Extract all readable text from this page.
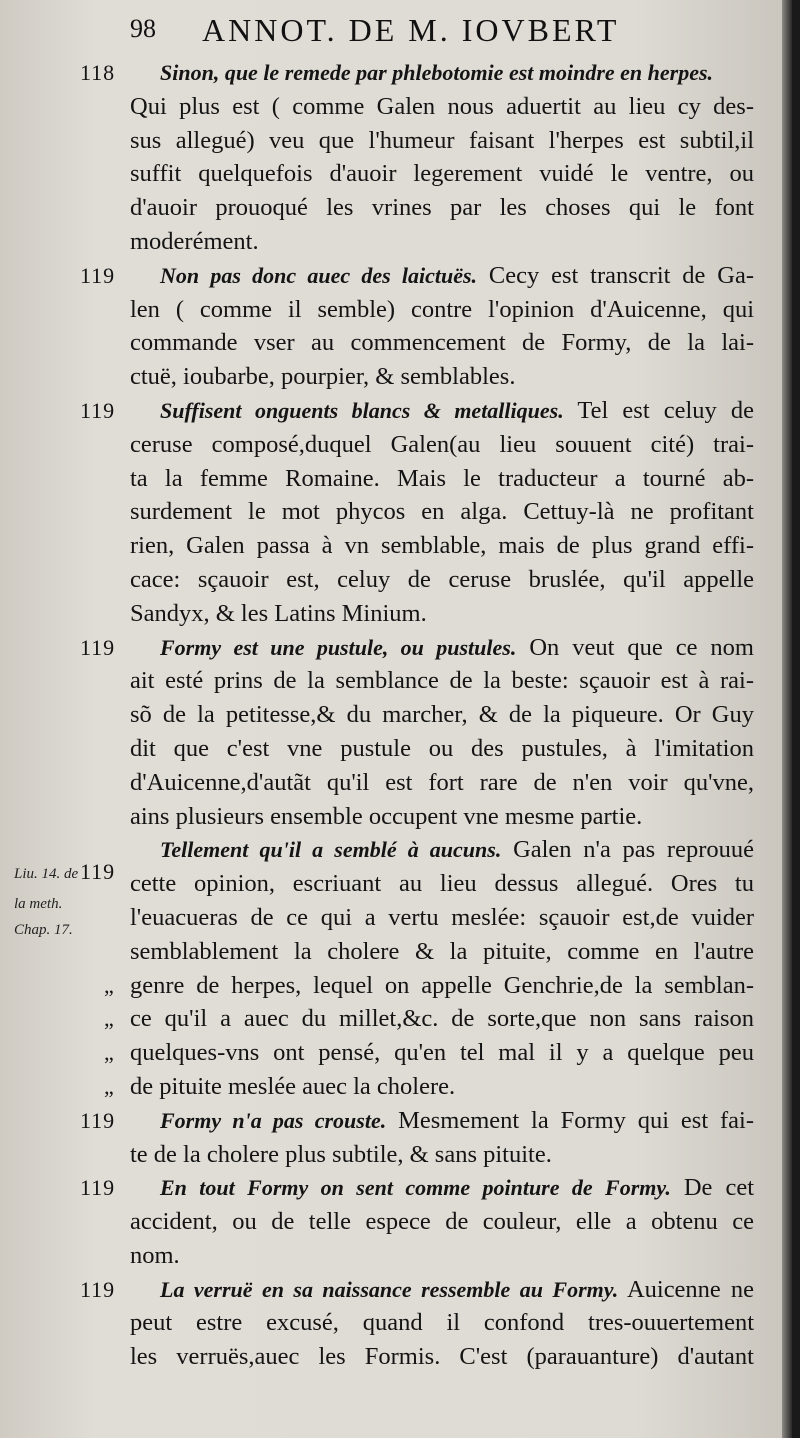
98 ANNOT. DE M. IOVBERT
Liu. 14. de
la meth.
Chap. 17.
118	Sinon, que le remede par phlebotomie est moindre en herpes.
Qui plus est ( comme Galen nous aduertit au lieu cy des-
sus allegué) veu que l'humeur faisant l'herpes est subtil,il
suffit quelquefois d'auoir legerement vuidé le ventre, ou
d'auoir prouoqué les vrines par les choses qui le font
moderément.
119	Non pas donc auec des laictuës. Cecy est transcrit de Ga-
len ( comme il semble) contre l'opinion d'Auicenne, qui
commande vser au commencement de Formy, de la lai-
ctuë, ioubarbe, pourpier, & semblables.
119	Suffisent onguents blancs & metalliques. Tel est celuy de
ceruse composé,duquel Galen(au lieu souuent cité) trai-
ta la femme Romaine. Mais le traducteur a tourné ab-
surdement le mot phycos en alga. Cettuy-là ne profitant
rien, Galen passa à vn semblable, mais de plus grand effi-
cace: sçauoir est, celuy de ceruse bruslée, qu'il appelle
Sandyx, & les Latins Minium.
119	Formy est une pustule, ou pustules. On veut que ce nom
ait esté prins de la semblance de la beste: sçauoir est à rai-
sõ de la petitesse,& du marcher, & de la piqueure. Or Guy
dit que c'est vne pustule ou des pustules, à l'imitation
d'Auicenne,d'autãt qu'il est fort rare de n'en voir qu'vne,
ains plusieurs ensemble occupent vne mesme partie.
Tellement qu'il a semblé à aucuns. Galen n'a pas reprouué
119 cette opinion, escriuant au lieu dessus allegué. Ores tu
l'euacueras de ce qui a vertu meslée: sçauoir est,de vuider
semblablement la cholere & la pituite, comme en l'autre
„ genre de herpes, lequel on appelle Genchrie,de la semblan-
„ ce qu'il a auec du millet,&c. de sorte,que non sans raison
„ quelques-vns ont pensé, qu'en tel mal il y a quelque peu
„ de pituite meslée auec la cholere.
119	Formy n'a pas crouste. Mesmement la Formy qui est fai-
te de la cholere plus subtile, & sans pituite.
119	En tout Formy on sent comme pointure de Formy. De cet
accident, ou de telle espece de couleur, elle a obtenu ce
nom.
119	La verruë en sa naissance ressemble au Formy. Auicenne ne
peut estre excusé, quand il confond tres-ouuertement
les verruës,auec les Formis. C'est (parauanture) d'autant
